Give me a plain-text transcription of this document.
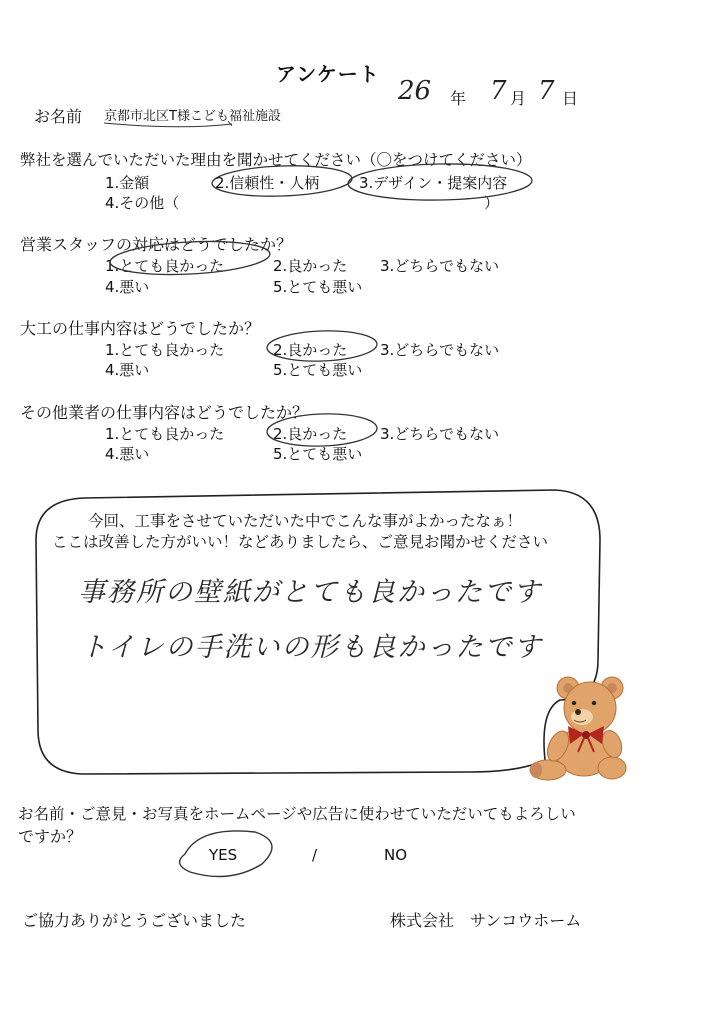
アンケート
26 年 7 月 7 日
お名前 京都市北区T様こども福祉施設
弊社を選んでいただいた理由を聞かせてください（〇をつけてください）
1.金額	2.信頼性・人柄	3.デザイン・提案内容
4.その他（	）
営業スタッフの対応はどうでしたか？
1.とても良かった	2.良かった 3.どちらでもない
4.悪い	5.とても悪い
大工の仕事内容はどうでしたか？
1.とても良かった	2.良かった 3.どちらでもない
4.悪い	5.とても悪い
その他業者の仕事内容はどうでしたか？
1.とても良かった	2.良かった 3.どちらでもない
4.悪い	5.とても悪い
今回、工事をさせていただいた中でこんな事がよかったなぁ！
ここは改善した方がいい！などありましたら、ご意見お聞かせください
事務所の壁紙がとても良かったです
トイレの手洗いの形も良かったです
お名前・ご意見・お写真をホームページや広告に使わせていただいてもよろしい
ですか？
YES	/	NO
ご協力ありがとうございました	株式会社　サンコウホーム
